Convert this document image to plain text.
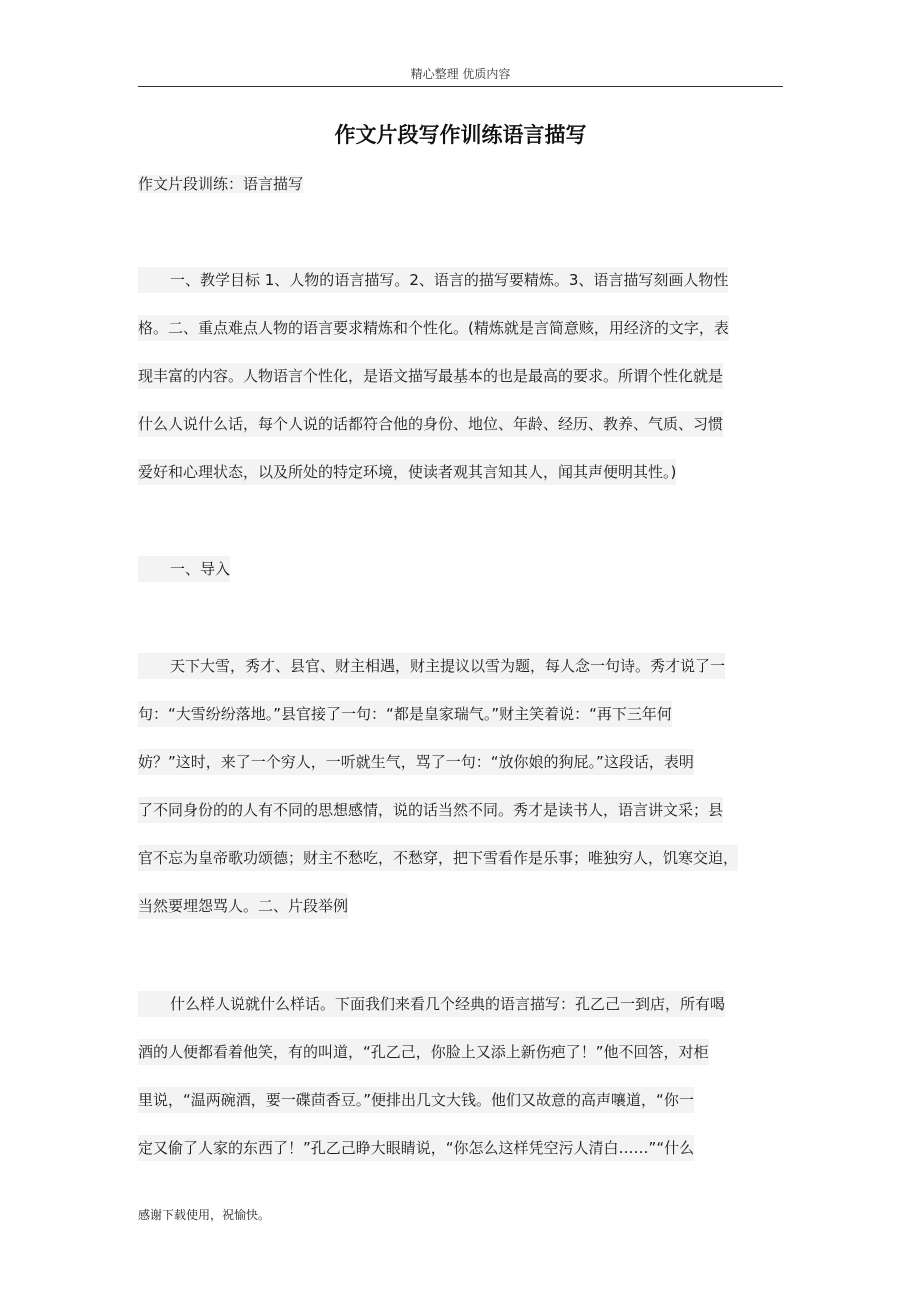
精心整理 优质内容
作文片段写作训练语言描写
作文片段训练：语言描写
一、教学目标 1、人物的语言描写。2、语言的描写要精炼。3、语言描写刻画人物性
格。二、重点难点人物的语言要求精炼和个性化。(精炼就是言简意赅，用经济的文字，表
现丰富的内容。人物语言个性化，是语文描写最基本的也是最高的要求。所谓个性化就是
什么人说什么话，每个人说的话都符合他的身份、地位、年龄、经历、教养、气质、习惯
爱好和心理状态，以及所处的特定环境，使读者观其言知其人，闻其声便明其性。)
一、导入
天下大雪，秀才、县官、财主相遇，财主提议以雪为题，每人念一句诗。秀才说了一
句：“大雪纷纷落地。”县官接了一句：“都是皇家瑞气。”财主笑着说：“再下三年何
妨？”这时，来了一个穷人，一听就生气，骂了一句：“放你娘的狗屁。”这段话，表明
了不同身份的的人有不同的思想感情，说的话当然不同。秀才是读书人，语言讲文采；县
官不忘为皇帝歌功颂德；财主不愁吃，不愁穿，把下雪看作是乐事；唯独穷人，饥寒交迫，
当然要埋怨骂人。二、片段举例
什么样人说就什么样话。下面我们来看几个经典的语言描写：孔乙己一到店，所有喝
酒的人便都看着他笑，有的叫道，“孔乙己，你脸上又添上新伤疤了！”他不回答，对柜
里说，“温两碗酒，要一碟茴香豆。”便排出几文大钱。他们又故意的高声嚷道，“你一
定又偷了人家的东西了！”孔乙己睁大眼睛说，“你怎么这样凭空污人清白……”“什么
感谢下载使用，祝愉快。
